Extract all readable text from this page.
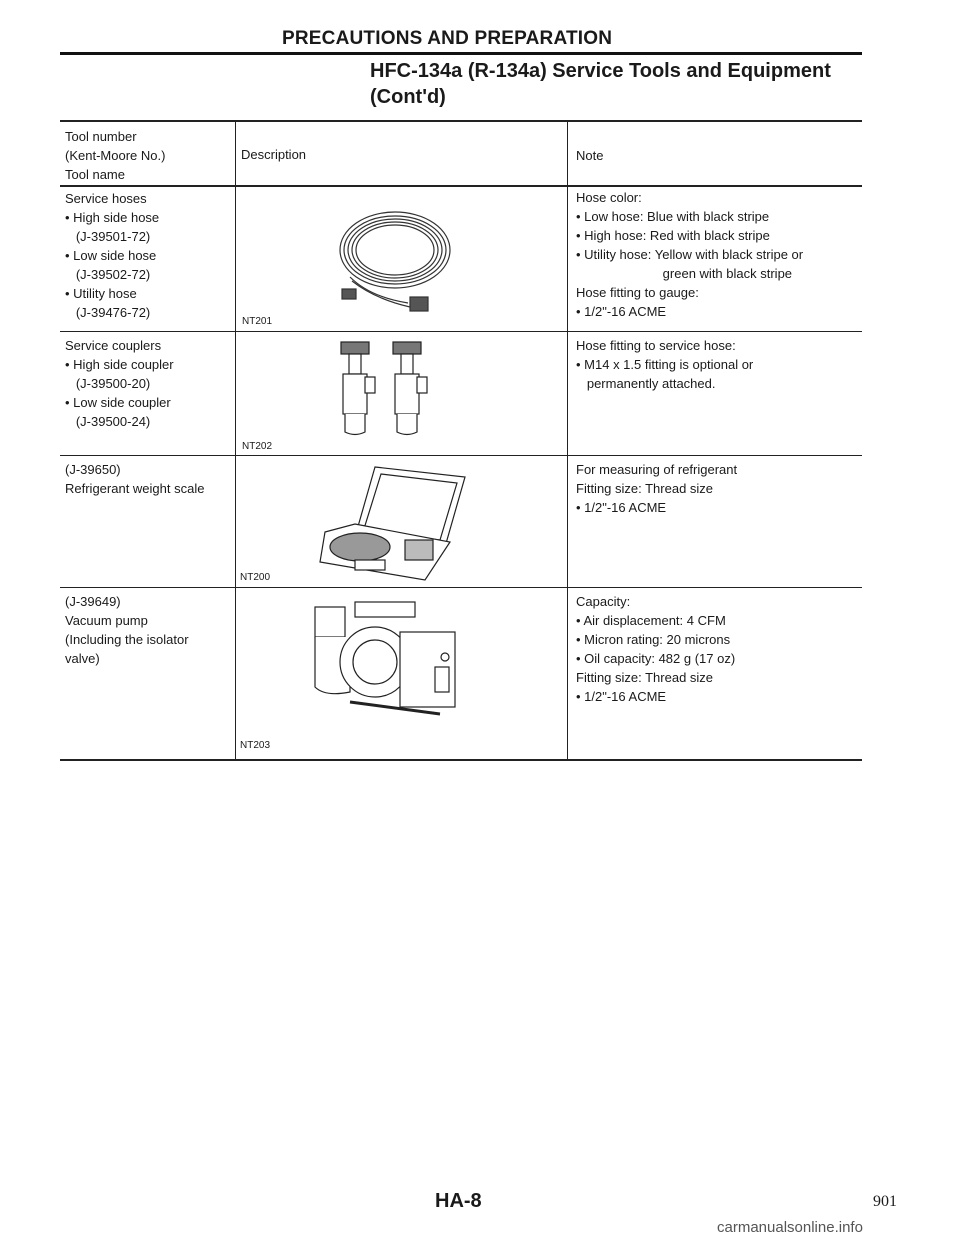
PRECAUTIONS AND PREPARATION
HFC-134a (R-134a) Service Tools and Equipment
(Cont'd)
Tool number
(Kent-Moore No.)
Tool name
Description	Note
Service hoses
• High side hose
(J-39501-72)
• Low side hose
(J-39502-72)
• Utility hose
(J-39476-72)
Hose color:
• Low hose: Blue with black stripe
• High hose: Red with black stripe
• Utility hose: Yellow with black stripe or
green with black stripe
Hose fitting to gauge:
• 1/2"-16 ACME
NT201
Service couplers
• High side coupler
(J-39500-20)
• Low side coupler
(J-39500-24)
Hose fitting to service hose:
• M14 x 1.5 fitting is optional or
permanently attached.
NT202
(J-39650)
Refrigerant weight scale
For measuring of refrigerant
Fitting size: Thread size
• 1/2"-16 ACME
NT200
(J-39649)
Vacuum pump
(Including the isolator
valve)
Capacity:
• Air displacement: 4 CFM
• Micron rating: 20 microns
• Oil capacity: 482 g (17 oz)
Fitting size: Thread size
• 1/2"-16 ACME
NT203
HA-8	901
carmanualsonline.info
